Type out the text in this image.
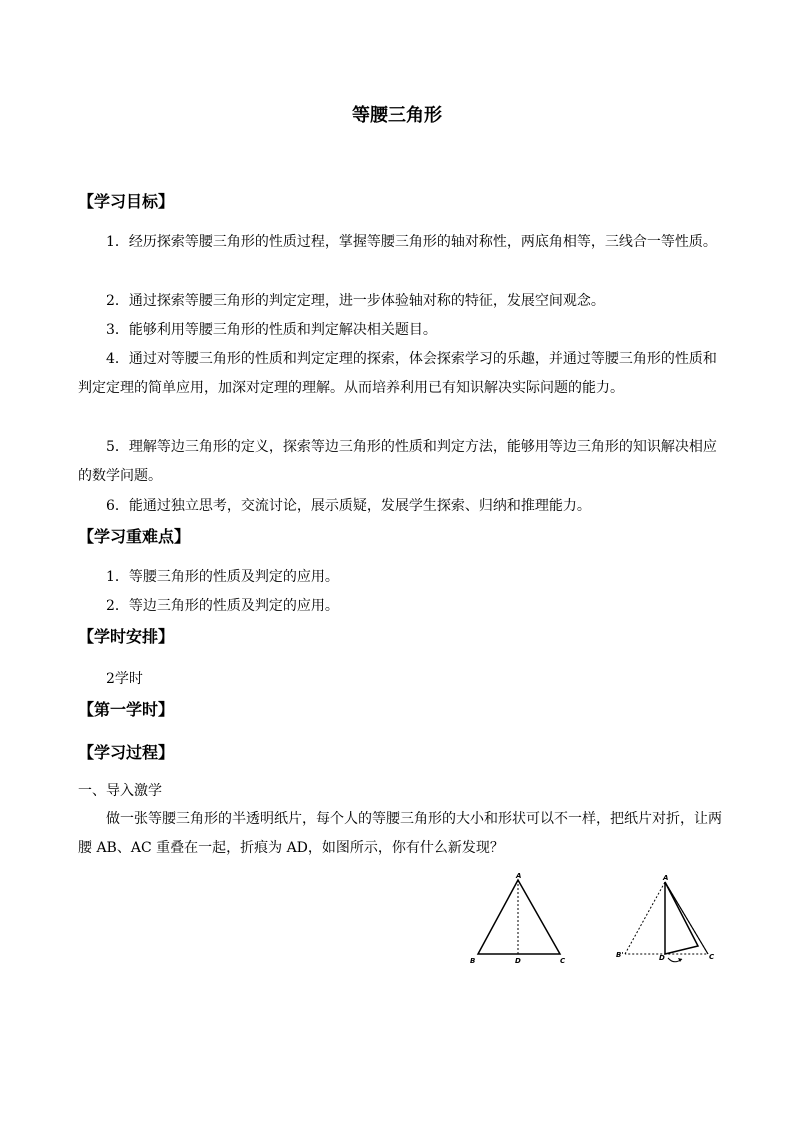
等腰三角形
【学习目标】
1．经历探索等腰三角形的性质过程，掌握等腰三角形的轴对称性，两底角相等，三线合一等性质。
2．通过探索等腰三角形的判定定理，进一步体验轴对称的特征，发展空间观念。
3．能够利用等腰三角形的性质和判定解决相关题目。
4．通过对等腰三角形的性质和判定定理的探索，体会探索学习的乐趣，并通过等腰三角形的性质和判定定理的简单应用，加深对定理的理解。从而培养利用已有知识解决实际问题的能力。
5．理解等边三角形的定义，探索等边三角形的性质和判定方法，能够用等边三角形的知识解决相应的数学问题。
6．能通过独立思考，交流讨论，展示质疑，发展学生探索、归纳和推理能力。
【学习重难点】
1．等腰三角形的性质及判定的应用。
2．等边三角形的性质及判定的应用。
【学时安排】
2学时
【第一学时】
【学习过程】
一、导入激学
做一张等腰三角形的半透明纸片，每个人的等腰三角形的大小和形状可以不一样，把纸片对折，让两腰 AB、AC 重叠在一起，折痕为 AD，如图所示，你有什么新发现？
A
B	D	C
A
B'	D	C
